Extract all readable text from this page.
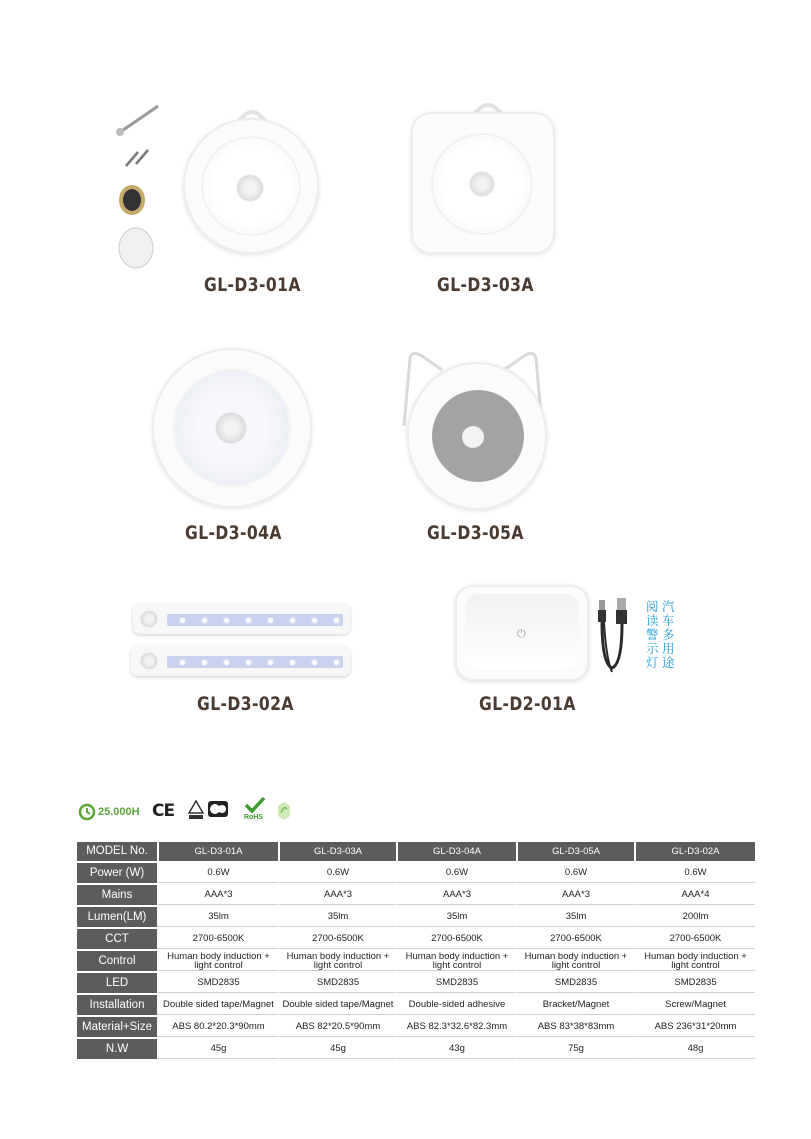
GL-D3-01A	GL-D3-03A
GL-D3-04A	GL-D3-05A
GL-D3-02A
⏻
阅读警示灯
汽车多用途
GL-D2-01A
25.000H CE	RoHS
MODEL No.	GL-D3-01A	GL-D3-03A	GL-D3-04A	GL-D3-05A	GL-D3-02A
Power (W)	0.6W	0.6W	0.6W	0.6W	0.6W
Mains	AAA*3	AAA*3	AAA*3	AAA*3	AAA*4
Lumen(LM)	35lm	35lm	35lm	35lm	200lm
CCT	2700-6500K	2700-6500K	2700-6500K	2700-6500K	2700-6500K
Control	Human body induction + light control	Human body induction + light control	Human body induction + light control	Human body induction + light control	Human body induction + light control
LED	SMD2835	SMD2835	SMD2835	SMD2835	SMD2835
Installation	Double sided tape/Magnet	Double sided tape/Magnet	Double-sided adhesive	Bracket/Magnet	Screw/Magnet
Material+Size	ABS 80.2*20.3*90mm	ABS 82*20.5*90mm	ABS 82.3*32.6*82.3mm	ABS 83*38*83mm	ABS 236*31*20mm
N.W	45g	45g	43g	75g	48g
